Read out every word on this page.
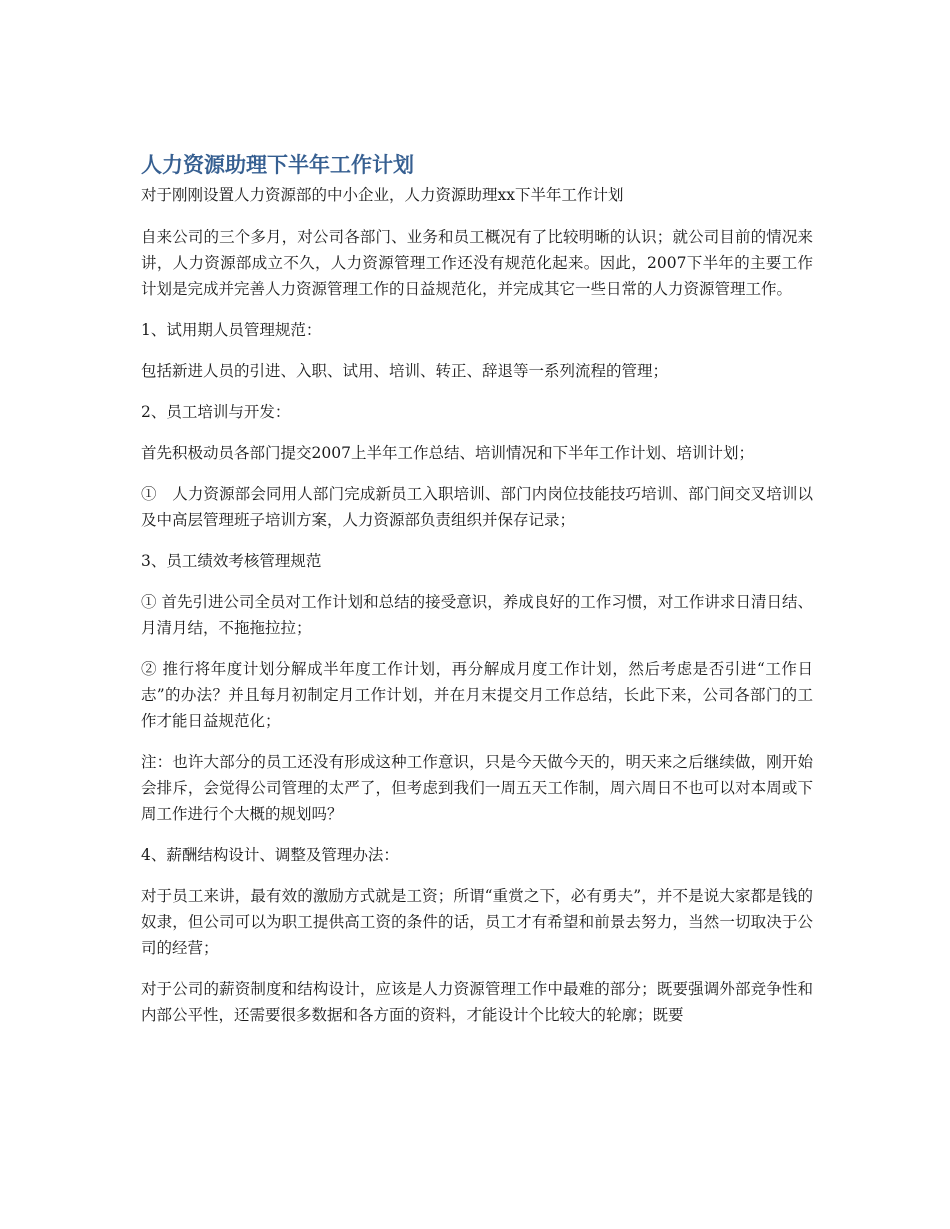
人力资源助理下半年工作计划

对于刚刚设置人力资源部的中小企业，人力资源助理xx下半年工作计划

自来公司的三个多月，对公司各部门、业务和员工概况有了比较明晰的认识；就公司目前的情况来讲，人力资源部成立不久，人力资源管理工作还没有规范化起来。因此，2007下半年的主要工作计划是完成并完善人力资源管理工作的日益规范化，并完成其它一些日常的人力资源管理工作。

1、试用期人员管理规范：

包括新进人员的引进、入职、试用、培训、转正、辞退等一系列流程的管理；

2、员工培训与开发：

首先积极动员各部门提交2007上半年工作总结、培训情况和下半年工作计划、培训计划；

①　人力资源部会同用人部门完成新员工入职培训、部门内岗位技能技巧培训、部门间交叉培训以及中高层管理班子培训方案，人力资源部负责组织并保存记录；

3、员工绩效考核管理规范

① 首先引进公司全员对工作计划和总结的接受意识，养成良好的工作习惯，对工作讲求日清日结、月清月结，不拖拖拉拉；

② 推行将年度计划分解成半年度工作计划，再分解成月度工作计划，然后考虑是否引进“工作日志”的办法？并且每月初制定月工作计划，并在月末提交月工作总结，长此下来，公司各部门的工作才能日益规范化；

注：也许大部分的员工还没有形成这种工作意识，只是今天做今天的，明天来之后继续做，刚开始会排斥，会觉得公司管理的太严了，但考虑到我们一周五天工作制，周六周日不也可以对本周或下周工作进行个大概的规划吗？

4、薪酬结构设计、调整及管理办法：

对于员工来讲，最有效的激励方式就是工资；所谓“重赏之下，必有勇夫”，并不是说大家都是钱的奴隶，但公司可以为职工提供高工资的条件的话，员工才有希望和前景去努力，当然一切取决于公司的经营；

对于公司的薪资制度和结构设计，应该是人力资源管理工作中最难的部分；既要强调外部竞争性和内部公平性，还需要很多数据和各方面的资料，才能设计个比较大的轮廓；既要
